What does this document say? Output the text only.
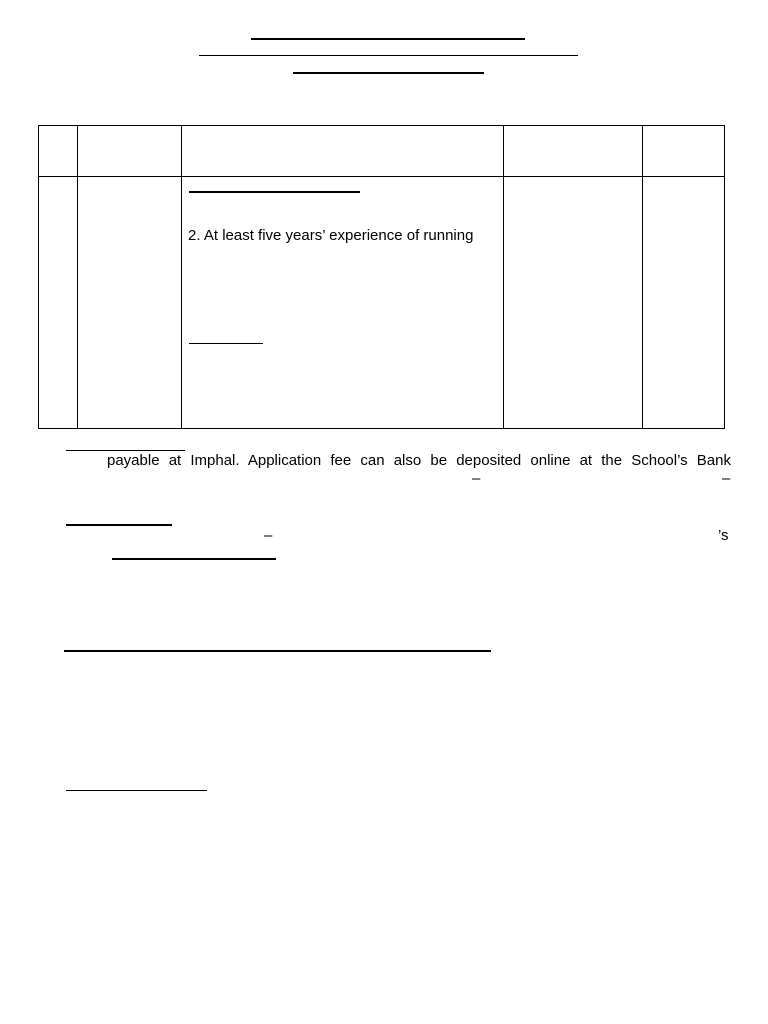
2. At least five years’ experience of running
payable at Imphal. Application fee can also be deposited online at the School’s Bank
–	–
–	’s
